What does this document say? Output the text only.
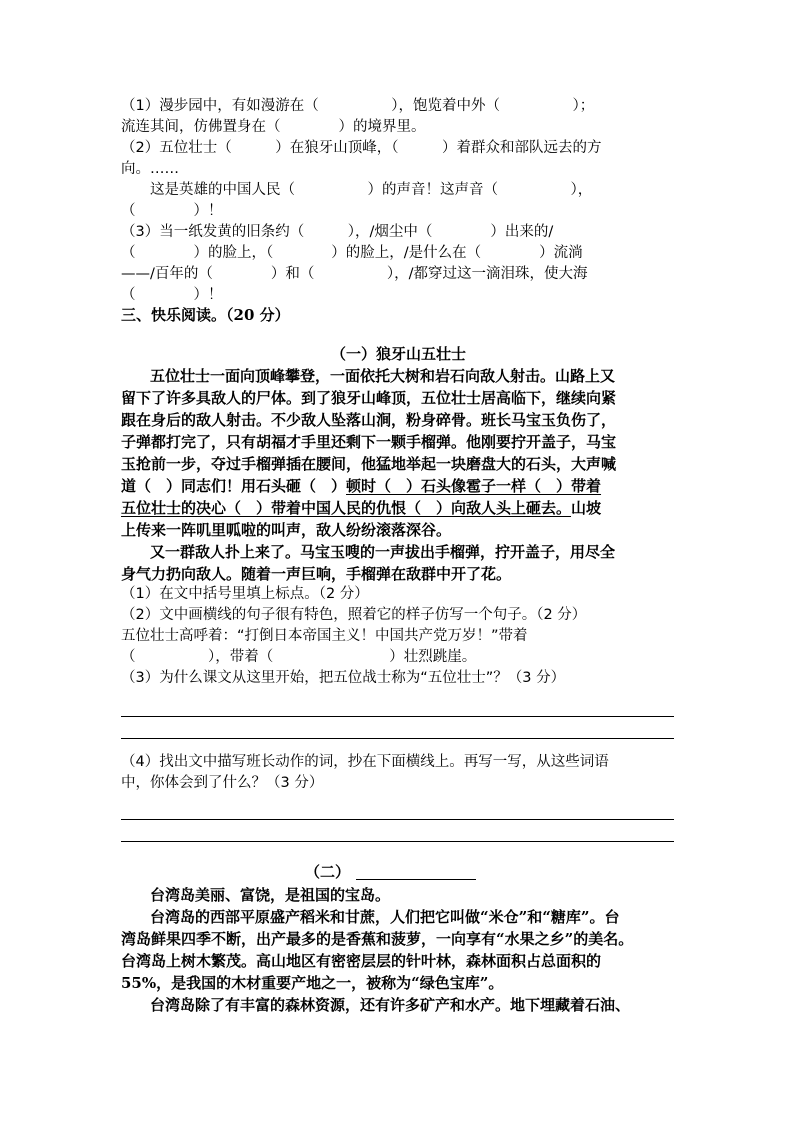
（1）漫步园中，有如漫游在（　　　　　），饱览着中外（　　　　　）；
流连其间，仿佛置身在（　　　　）的境界里。
（2）五位壮士（　　　）在狼牙山顶峰，（　　　）着群众和部队远去的方
向。……
这是英雄的中国人民（　　　　　）的声音！这声音（　　　　　），
（　　　　）！
（3）当一纸发黄的旧条约（　　　），/烟尘中（　　　　）出来的/
（　　　　）的脸上，（　　　　）的脸上，/是什么在（　　　　）流淌
——/百年的（　　　　）和（　　　　　），/都穿过这一滴泪珠，使大海
（　　　　）！
三、快乐阅读。（20 分）
（一）狼牙山五壮士
五位壮士一面向顶峰攀登，一面依托大树和岩石向敌人射击。山路上又
留下了许多具敌人的尸体。到了狼牙山峰顶，五位壮士居高临下，继续向紧
跟在身后的敌人射击。不少敌人坠落山涧，粉身碎骨。班长马宝玉负伤了，
子弹都打完了，只有胡福才手里还剩下一颗手榴弹。他刚要拧开盖子，马宝
玉抢前一步，夺过手榴弹插在腰间，他猛地举起一块磨盘大的石头，大声喊
道（　）同志们！用石头砸（　）顿时（　）石头像雹子一样（　）带着
五位壮士的决心（　）带着中国人民的仇恨（　）向敌人头上砸去。山坡
上传来一阵叽里呱啦的叫声，敌人纷纷滚落深谷。
又一群敌人扑上来了。马宝玉嗖的一声拔出手榴弹，拧开盖子，用尽全
身气力扔向敌人。随着一声巨响，手榴弹在敌群中开了花。
（1）在文中括号里填上标点。（2 分）
（2）文中画横线的句子很有特色，照着它的样子仿写一个句子。（2 分）
五位壮士高呼着：“打倒日本帝国主义！中国共产党万岁！”带着
（　　　　　），带着（　　　　　　　　）壮烈跳崖。
（3）为什么课文从这里开始，把五位战士称为“五位壮士”？（3 分）
（4）找出文中描写班长动作的词，抄在下面横线上。再写一写，从这些词语
中，你体会到了什么？（3 分）
（二）
台湾岛美丽、富饶，是祖国的宝岛。
台湾岛的西部平原盛产稻米和甘蔗，人们把它叫做“米仓”和“糖库”。台
湾岛鲜果四季不断，出产最多的是香蕉和菠萝，一向享有“水果之乡”的美名。
台湾岛上树木繁茂。高山地区有密密层层的针叶林，森林面积占总面积的
55%，是我国的木材重要产地之一，被称为“绿色宝库”。
台湾岛除了有丰富的森林资源，还有许多矿产和水产。地下埋藏着石油、
